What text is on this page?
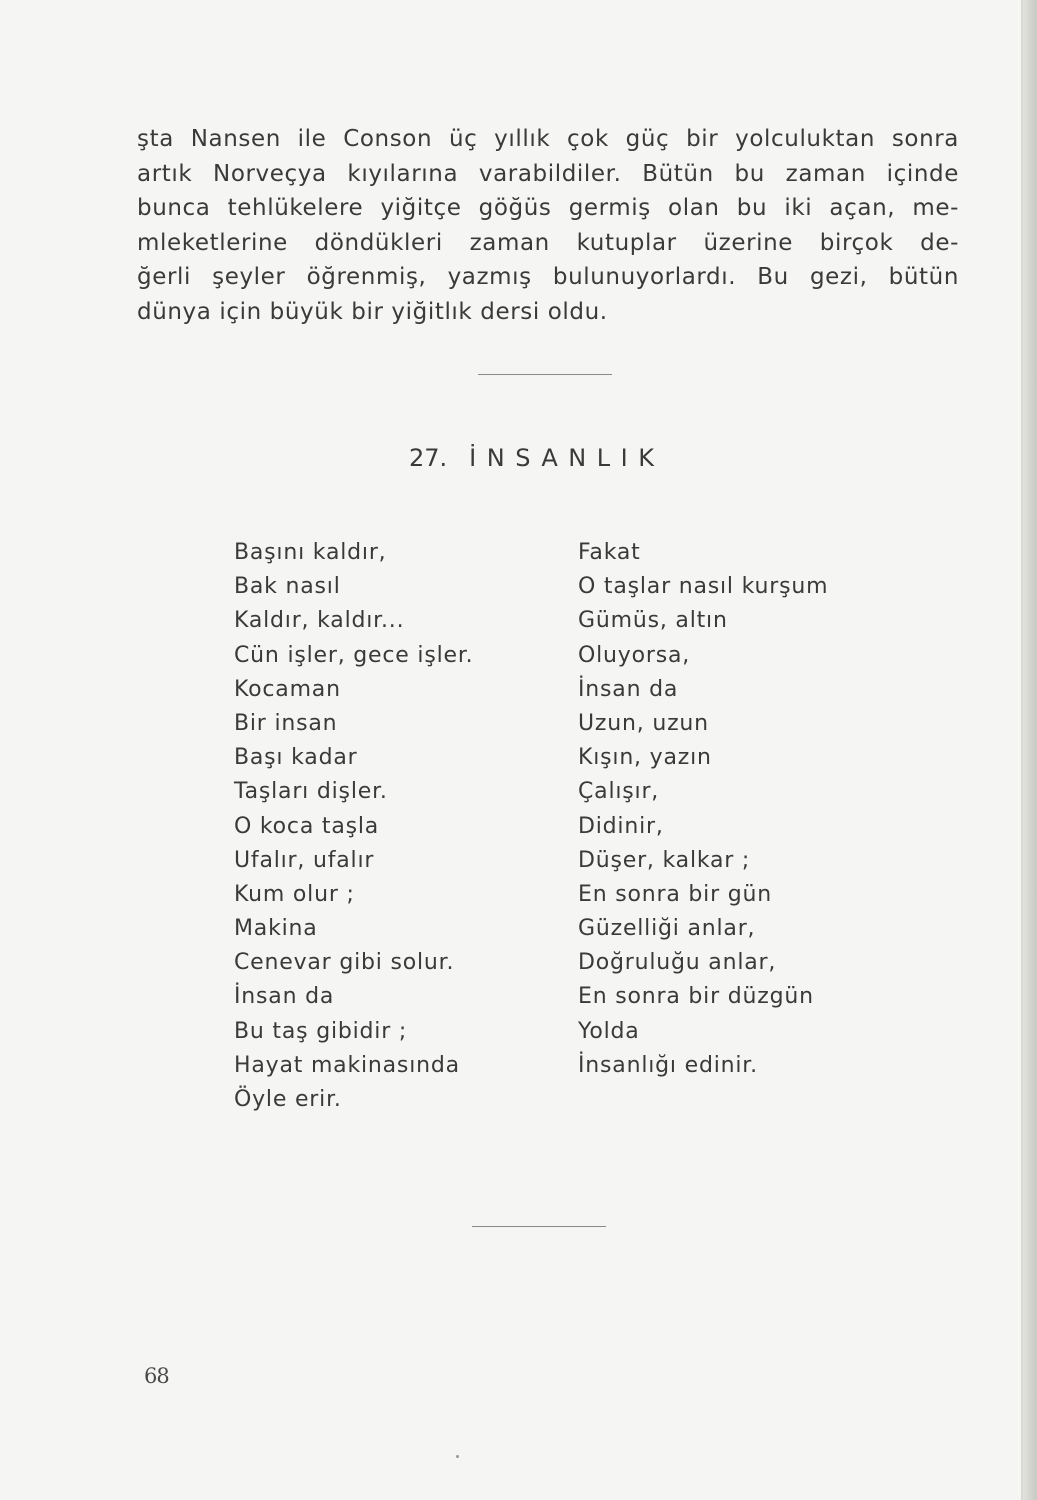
şta Nansen ile Conson üç yıllık çok güç bir yolculuktan sonra
artık Norveçya kıyılarına varabildiler. Bütün bu zaman içinde
bunca tehlükelere yiğitçe göğüs germiş olan bu iki açan, me-
mleketlerine döndükleri zaman kutuplar üzerine birçok de-
ğerli şeyler öğrenmiş, yazmış bulunuyorlardı. Bu gezi, bütün
dünya için büyük bir yiğitlık dersi oldu.
27. İNSANLIK
Başını kaldır,
Bak nasıl
Kaldır, kaldır...
Cün işler, gece işler.
Kocaman
Bir insan
Başı kadar
Taşları dişler.
O koca taşla
Ufalır, ufalır
Kum olur ;
Makina
Cenevar gibi solur.
İnsan da
Bu taş gibidir ;
Hayat makinasında
Öyle erir.
Fakat
O taşlar nasıl kurşum
Gümüs, altın
Oluyorsa,
İnsan da
Uzun, uzun
Kışın, yazın
Çalışır,
Didinir,
Düşer, kalkar ;
En sonra bir gün
Güzelliği anlar,
Doğruluğu anlar,
En sonra bir düzgün
Yolda
İnsanlığı edinir.
68
